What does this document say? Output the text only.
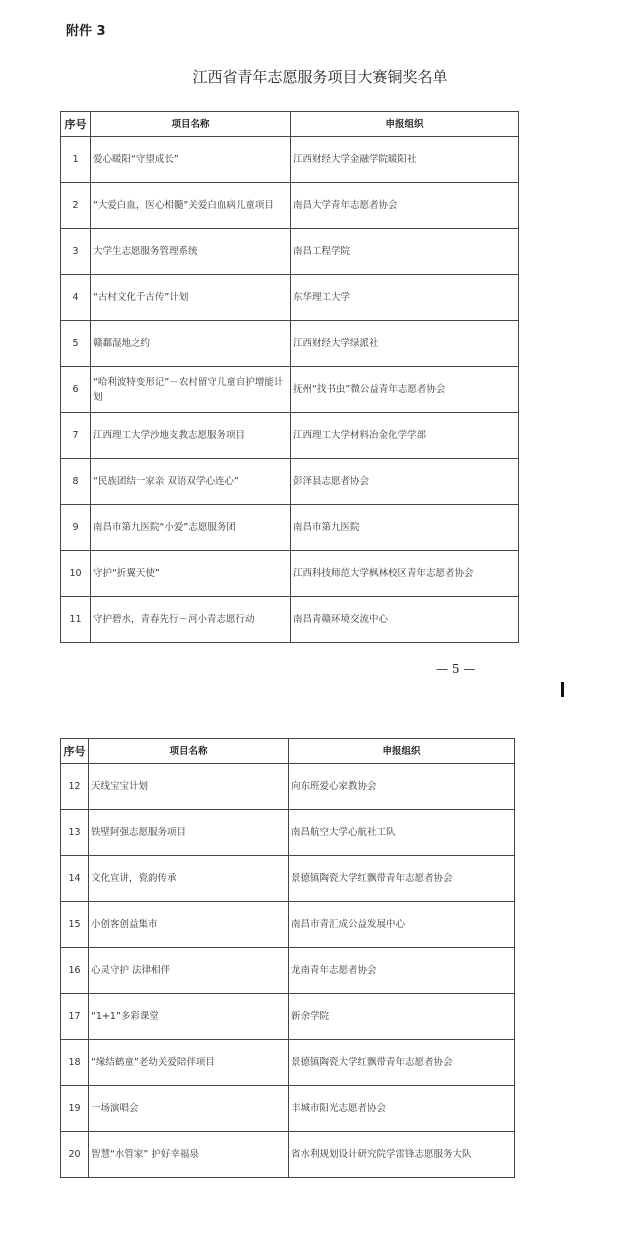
附件 3
江西省青年志愿服务项目大赛铜奖名单
序号	项目名称	申报组织
1	爱心暖阳“守望成长”	江西财经大学金融学院暖阳社
2	“大爱白血，医心相髓”关爱白血病儿童项目	南昌大学青年志愿者协会
3	大学生志愿服务管理系统	南昌工程学院
4	“古村文化千古传”计划	东华理工大学
5	赣鄱湿地之约	江西财经大学绿派社
6	“哈利波特变形记”－农村留守儿童自护增能计划	抚州“找书虫”微公益青年志愿者协会
7	江西理工大学沙地支教志愿服务项目	江西理工大学材料冶金化学学部
8	“民族团结一家亲 双语双学心连心”	彭泽县志愿者协会
9	南昌市第九医院“小爱”志愿服务团	南昌市第九医院
10	守护“折翼天使”	江西科技师范大学枫林校区青年志愿者协会
11	守护碧水，青春先行－河小青志愿行动	南昌青赣环境交流中心
— 5 —
序号	项目名称	申报组织
12	天线宝宝计划	向东班爱心家教协会
13	铁壁阿强志愿服务项目	南昌航空大学心航社工队
14	文化宣讲，瓷韵传承	景德镇陶瓷大学红飘带青年志愿者协会
15	小创客创益集市	南昌市青汇成公益发展中心
16	心灵守护 法律相伴	龙南青年志愿者协会
17	“1+1”多彩课堂	新余学院
18	“缘结鹤童”老幼关爱陪伴项目	景德镇陶瓷大学红飘带青年志愿者协会
19	一场演唱会	丰城市阳光志愿者协会
20	智慧“水管家” 护好幸福泉	省水利规划设计研究院学雷锋志愿服务大队
